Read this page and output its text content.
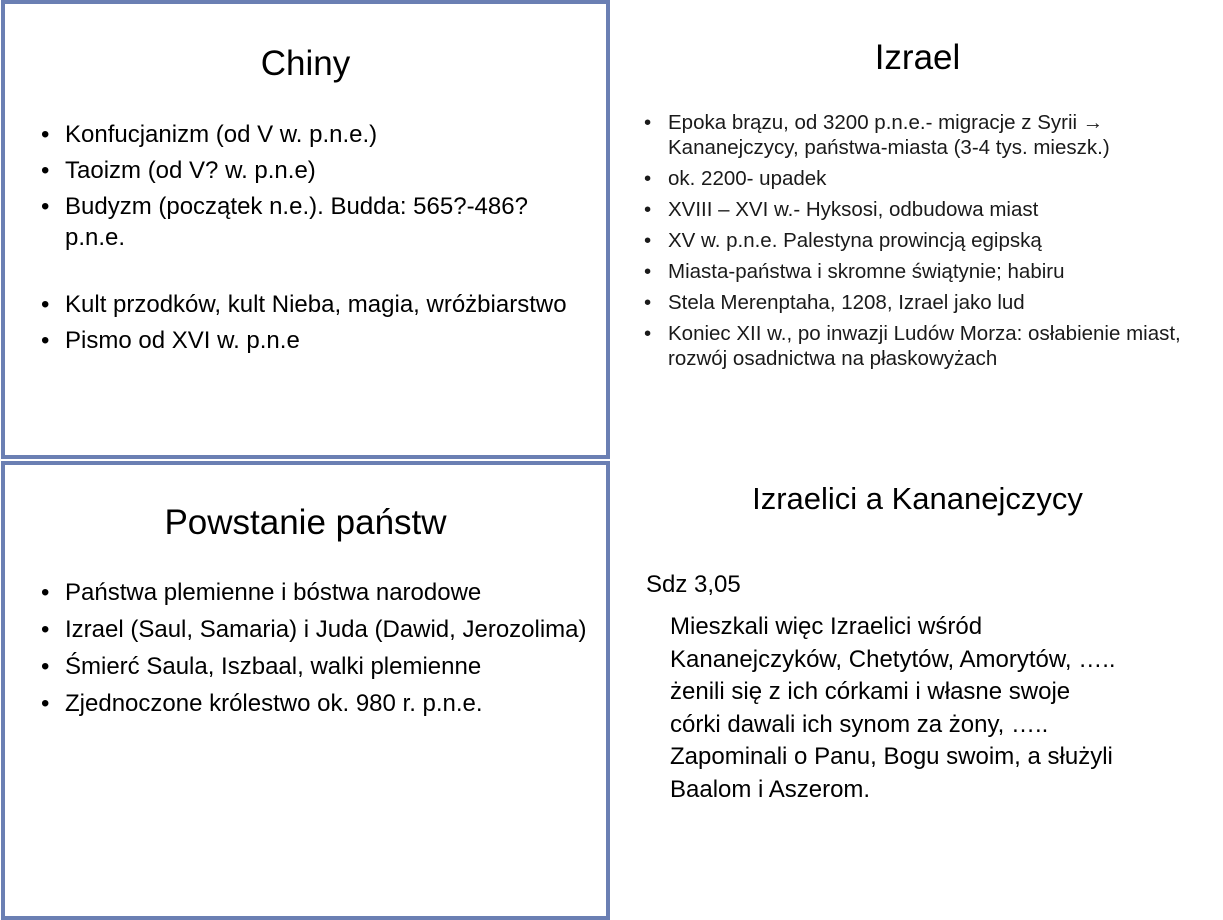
Chiny
• Konfucjanizm (od V w. p.n.e.)
• Taoizm (od V? w. p.n.e)
• Budyzm (początek n.e.). Budda: 565?-486? p.n.e.
• Kult przodków, kult Nieba, magia, wróżbiarstwo
• Pismo od XVI w. p.n.e
Izrael
• Epoka brązu, od 3200 p.n.e.- migracje z Syrii → Kananejczycy, państwa-miasta (3-4 tys. mieszk.)
• ok. 2200- upadek
• XVIII – XVI w.- Hyksosi, odbudowa miast
• XV w. p.n.e. Palestyna prowincją egipską
• Miasta-państwa i skromne świątynie; habiru
• Stela Merenptaha, 1208, Izrael jako lud
• Koniec XII w., po inwazji Ludów Morza: osłabienie miast, rozwój osadnictwa na płaskowyżach
Powstanie państw
• Państwa plemienne i bóstwa narodowe
• Izrael (Saul, Samaria) i Juda (Dawid, Jerozolima)
• Śmierć Saula, Iszbaal, walki plemienne
• Zjednoczone królestwo ok. 980 r. p.n.e.
Izraelici a Kananejczycy

Sdz 3,05

Mieszkali więc Izraelici wśród
Kananejczyków, Chetytów, Amorytów, …..
żenili się z ich córkami i własne swoje
córki dawali ich synom za żony, …..
Zapominali o Panu, Bogu swoim, a służyli
Baalom i Aszerom.
